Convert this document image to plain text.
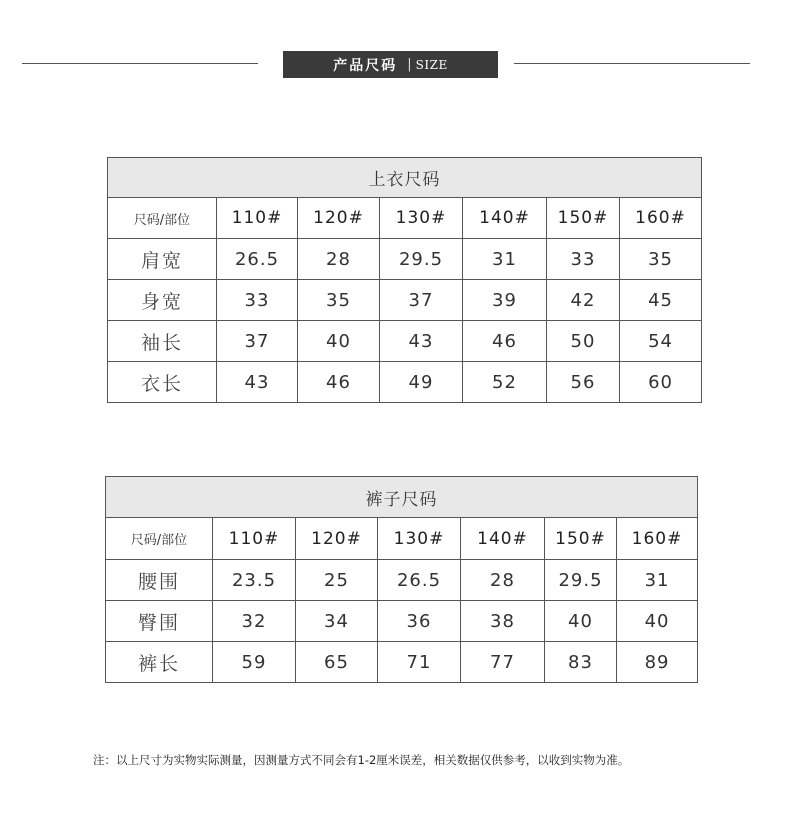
产品尺码 | SIZE
上衣尺码						
尺码/部位	110#	120#	130#	140#	150#	160#
肩宽	26.5	28	29.5	31	33	35
身宽	33	35	37	39	42	45
袖长	37	40	43	46	50	54
衣长	43	46	49	52	56	60
裤子尺码						
尺码/部位	110#	120#	130#	140#	150#	160#
腰围	23.5	25	26.5	28	29.5	31
臀围	32	34	36	38	40	40
裤长	59	65	71	77	83	89
注：以上尺寸为实物实际测量，因测量方式不同会有1-2厘米误差，相关数据仅供参考，以收到实物为准。
